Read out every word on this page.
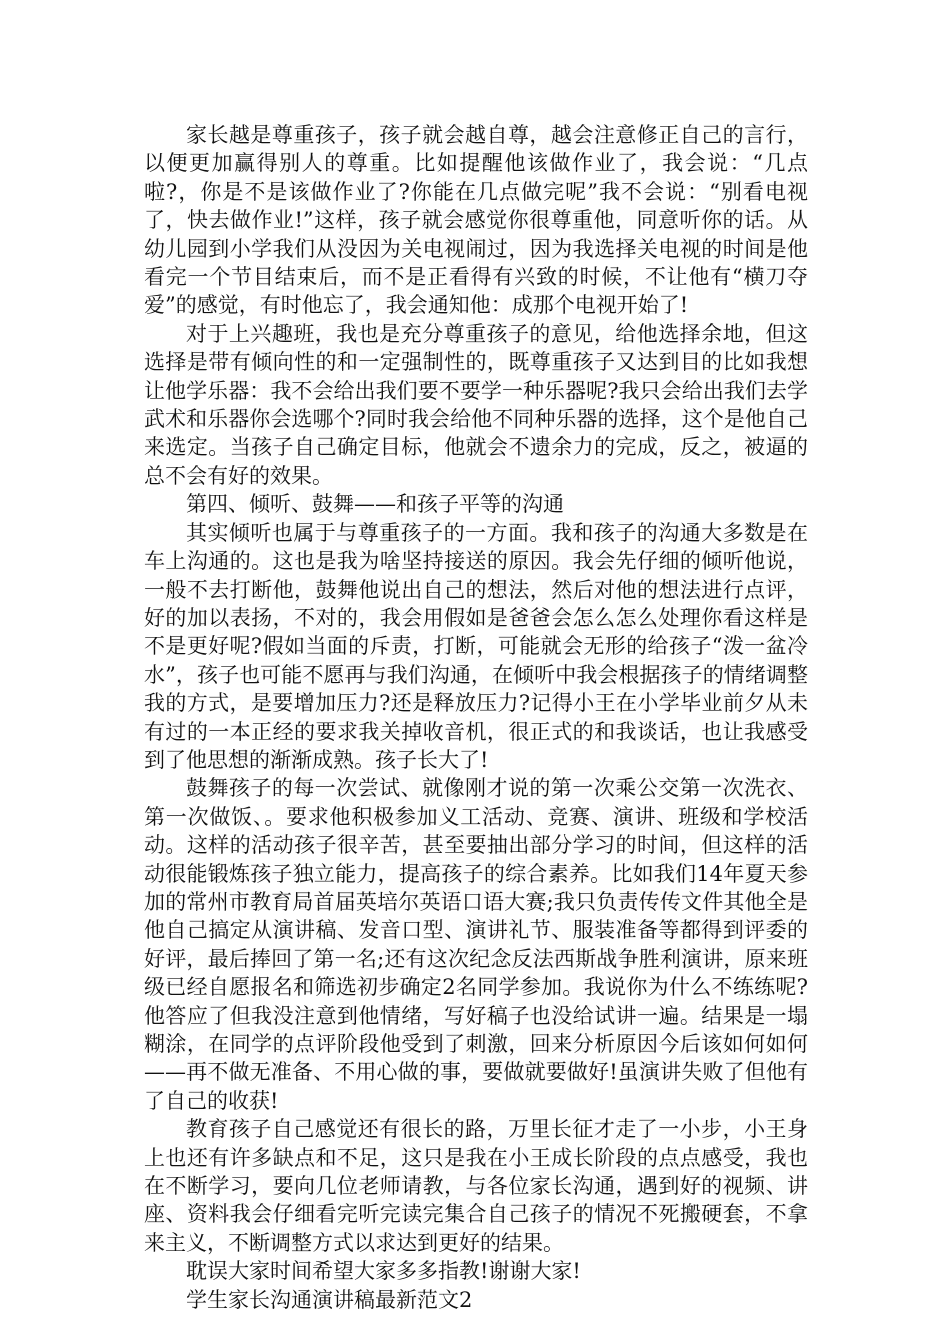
家长越是尊重孩子，孩子就会越自尊，越会注意修正自己的言行，以便更加赢得别人的尊重。比如提醒他该做作业了，我会说：“几点啦?，你是不是该做作业了?你能在几点做完呢”我不会说：“别看电视了，快去做作业!”这样，孩子就会感觉你很尊重他，同意听你的话。从幼儿园到小学我们从没因为关电视闹过，因为我选择关电视的时间是他看完一个节目结束后，而不是正看得有兴致的时候，不让他有“横刀夺爱”的感觉，有时他忘了，我会通知他：成那个电视开始了!

对于上兴趣班，我也是充分尊重孩子的意见，给他选择余地，但这选择是带有倾向性的和一定强制性的，既尊重孩子又达到目的比如我想让他学乐器：我不会给出我们要不要学一种乐器呢?我只会给出我们去学武术和乐器你会选哪个?同时我会给他不同种乐器的选择，这个是他自己来选定。当孩子自己确定目标，他就会不遗余力的完成，反之，被逼的总不会有好的效果。

第四、倾听、鼓舞——和孩子平等的沟通

其实倾听也属于与尊重孩子的一方面。我和孩子的沟通大多数是在车上沟通的。这也是我为啥坚持接送的原因。我会先仔细的倾听他说，一般不去打断他，鼓舞他说出自己的想法，然后对他的想法进行点评，好的加以表扬，不对的，我会用假如是爸爸会怎么怎么处理你看这样是不是更好呢?假如当面的斥责，打断，可能就会无形的给孩子“泼一盆冷水”，孩子也可能不愿再与我们沟通，在倾听中我会根据孩子的情绪调整我的方式，是要增加压力?还是释放压力?记得小王在小学毕业前夕从未有过的一本正经的要求我关掉收音机，很正式的和我谈话，也让我感受到了他思想的渐渐成熟。孩子长大了!

鼓舞孩子的每一次尝试、就像刚才说的第一次乘公交第一次洗衣、第一次做饭、。要求他积极参加义工活动、竞赛、演讲、班级和学校活动。这样的活动孩子很辛苦，甚至要抽出部分学习的时间，但这样的活动很能锻炼孩子独立能力，提高孩子的综合素养。比如我们14年夏天参加的常州市教育局首届英培尔英语口语大赛;我只负责传传文件其他全是他自己搞定从演讲稿、发音口型、演讲礼节、服装准备等都得到评委的好评，最后捧回了第一名;还有这次纪念反法西斯战争胜利演讲，原来班级已经自愿报名和筛选初步确定2名同学参加。我说你为什么不练练呢?他答应了但我没注意到他情绪，写好稿子也没给试讲一遍。结果是一塌糊涂，在同学的点评阶段他受到了刺激，回来分析原因今后该如何如何——再不做无准备、不用心做的事，要做就要做好!虽演讲失败了但他有了自己的收获!

教育孩子自己感觉还有很长的路，万里长征才走了一小步，小王身上也还有许多缺点和不足，这只是我在小王成长阶段的点点感受，我也在不断学习，要向几位老师请教，与各位家长沟通，遇到好的视频、讲座、资料我会仔细看完听完读完集合自己孩子的情况不死搬硬套，不拿来主义，不断调整方式以求达到更好的结果。

耽误大家时间希望大家多多指教!谢谢大家!

学生家长沟通演讲稿最新范文2
